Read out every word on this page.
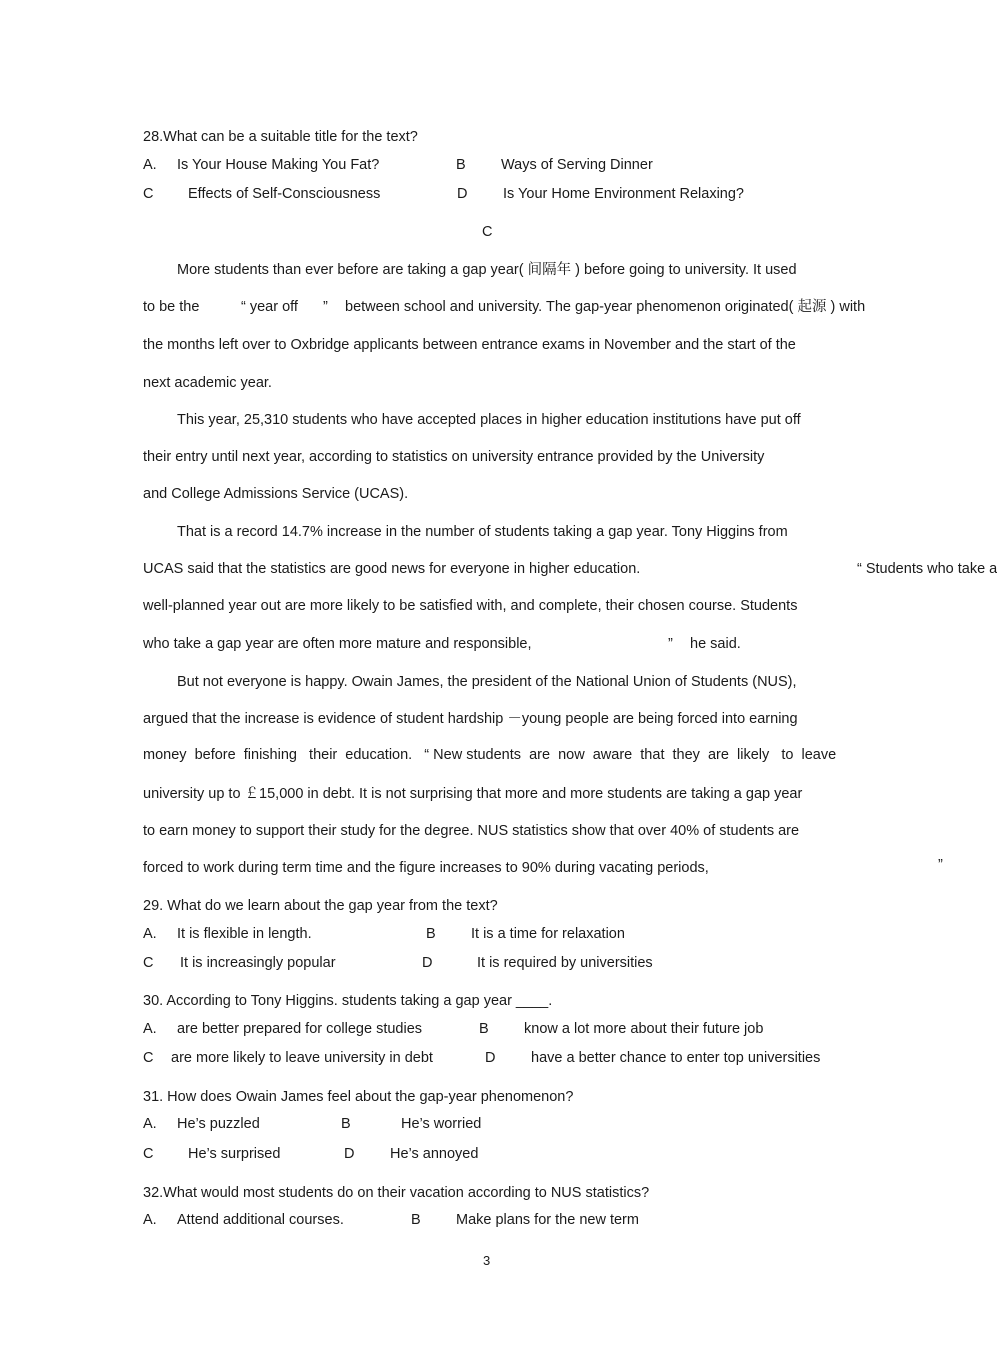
28.What can be a suitable title for the text?
A. Is Your House Making You Fat?	B Ways of Serving Dinner
C Effects of Self-Consciousness	D Is Your Home Environment Relaxing?
C
More students than ever before are taking a gap year( 间隔年 ) before going to university. It used
to be the	“ year off ” between school and university. The gap-year phenomenon originated( 起源 ) with
the months left over to Oxbridge applicants between entrance exams in November and the start of the
next academic year.
This year, 25,310 students who have accepted places in higher education institutions have put off
their entry until next year, according to statistics on university entrance provided by the University
and College Admissions Service (UCAS).
That is a record 14.7% increase in the number of students taking a gap year. Tony Higgins from
UCAS said that the statistics are good news for everyone in higher education.	“ Students who take a
well-planned year out are more likely to be satisfied with, and complete, their chosen course. Students
who take a gap year are often more mature and responsible,	” he said.
But not everyone is happy. Owain James, the president of the National Union of Students (NUS),
argued that the increase is evidence of student hardship －young people are being forced into earning
money  before  finishing   their  education.   “ New students  are  now  aware  that  they  are  likely   to  leave
university up to ￡15,000 in debt. It is not surprising that more and more students are taking a gap year
to earn money to support their study for the degree. NUS statistics show that over 40% of students are
forced to work during term time and the figure increases to 90% during vacating periods,	”
29. What do we learn about the gap year from the text?
A. It is flexible in length.	B It is a time for relaxation
C It is increasingly popular	D	It is required by universities
30. According to Tony Higgins. students taking a gap year ____.
A. are better prepared for college studies	B know a lot more about their future job
C are more likely to leave university in debt	D have a better chance to enter top universities
31. How does Owain James feel about the gap-year phenomenon?
A. He’s puzzled	B	He’s worried
C He’s surprised	D He’s annoyed
32.What would most students do on their vacation according to NUS statistics?
A. Attend additional courses.	B Make plans for the new term
3
